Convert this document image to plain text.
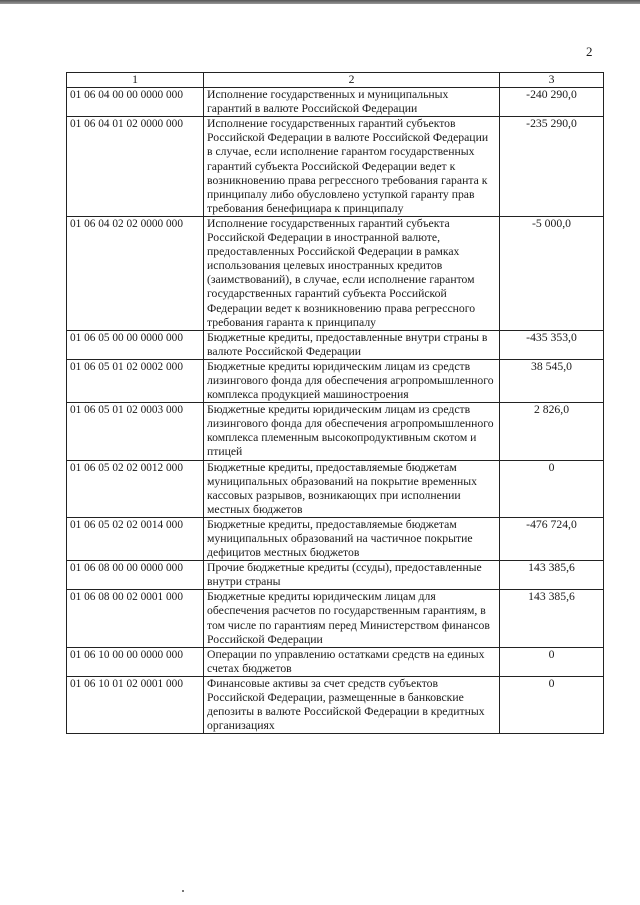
2
1	2	3
01 06 04 00 00 0000 000	Исполнение государственных и муниципальных гарантий в валюте Российской Федерации	-240 290,0
01 06 04 01 02 0000 000	Исполнение государственных гарантий субъектов Российской Федерации в валюте Российской Федерации в случае, если исполнение гарантом государственных гарантий субъекта Российской Федерации ведет к возникновению права регрессного требования гаранта к принципалу либо обусловлено уступкой гаранту прав требования бенефициара к принципалу	-235 290,0
01 06 04 02 02 0000 000	Исполнение государственных гарантий субъекта Российской Федерации в иностранной валюте, предоставленных Российской Федерации в рамках использования целевых иностранных кредитов (заимствований), в случае, если исполнение гарантом государственных гарантий субъекта Российской Федерации ведет к возникновению права регрессного требования гаранта к принципалу	-5 000,0
01 06 05 00 00 0000 000	Бюджетные кредиты, предоставленные внутри страны в валюте Российской Федерации	-435 353,0
01 06 05 01 02 0002 000	Бюджетные кредиты юридическим лицам из средств лизингового фонда для обеспечения агропромышленного комплекса продукцией машиностроения	38 545,0
01 06 05 01 02 0003 000	Бюджетные кредиты юридическим лицам из средств лизингового фонда для обеспечения агропромышленного комплекса племенным высокопродуктивным скотом и птицей	2 826,0
01 06 05 02 02 0012 000	Бюджетные кредиты, предоставляемые бюджетам муниципальных образований на покрытие временных кассовых разрывов, возникающих при исполнении местных бюджетов	0
01 06 05 02 02 0014 000	Бюджетные кредиты, предоставляемые бюджетам муниципальных образований на частичное покрытие дефицитов местных бюджетов	-476 724,0
01 06 08 00 00 0000 000	Прочие бюджетные кредиты (ссуды), предоставленные внутри страны	143 385,6
01 06 08 00 02 0001 000	Бюджетные кредиты юридическим лицам для обеспечения расчетов по государственным гарантиям, в том числе по гарантиям перед Министерством финансов Российской Федерации	143 385,6
01 06 10 00 00 0000 000	Операции по управлению остатками средств на единых счетах бюджетов	0
01 06 10 01 02 0001 000	Финансовые активы за счет средств субъектов Российской Федерации, размещенные в банковские депозиты в валюте Российской Федерации в кредитных организациях	0
